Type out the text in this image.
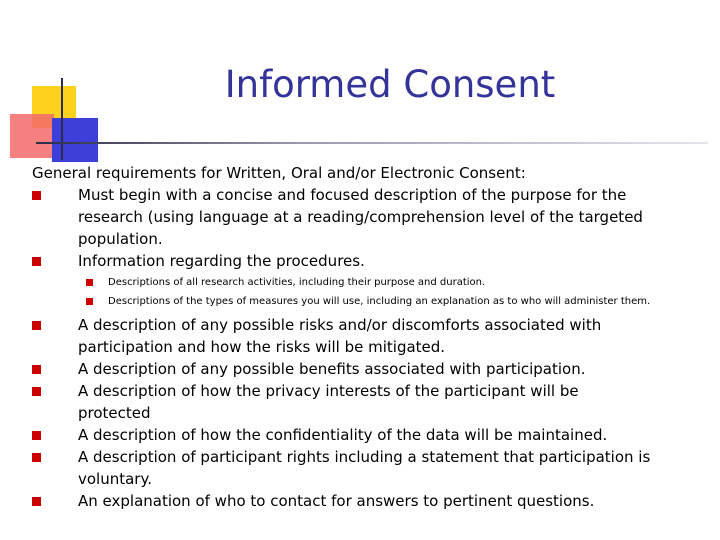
Informed Consent
General requirements for Written, Oral and/or Electronic Consent:
Must begin with a concise and focused description of the purpose for the research (using language at a reading/comprehension level of the targeted population.
Information regarding the procedures.
Descriptions of all research activities, including their purpose and duration.
Descriptions of the types of measures you will use, including an explanation as to who will administer them.
A description of any possible risks and/or discomforts associated with participation and how the risks will be mitigated.
A description of any possible benefits associated with participation.
A description of how the privacy interests of the participant will be protected
A description of how the confidentiality of the data will be maintained.
A description of participant rights including a statement that participation is voluntary.
An explanation of who to contact for answers to pertinent questions.
